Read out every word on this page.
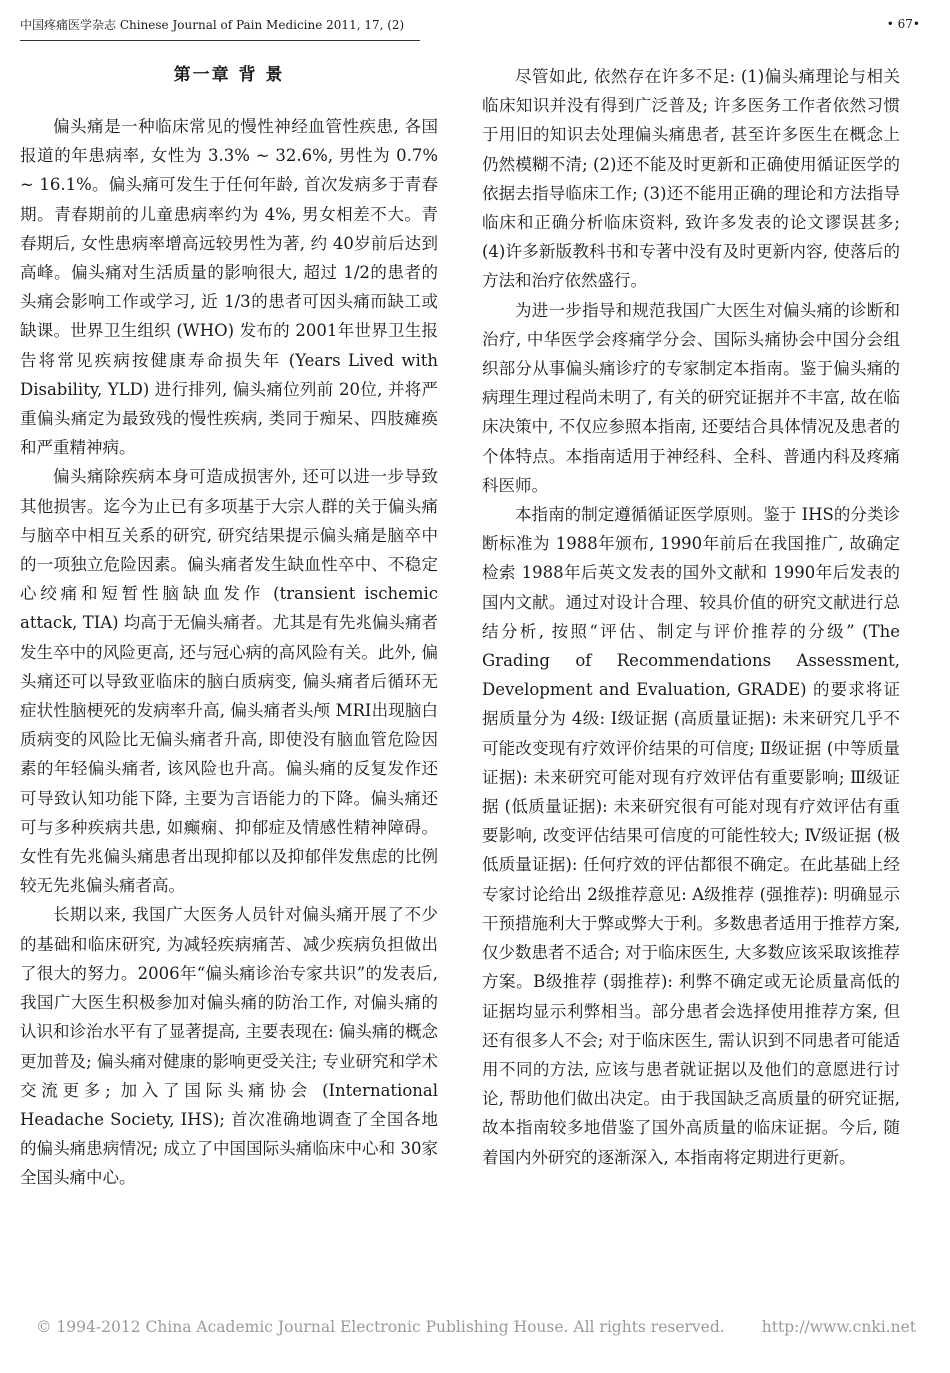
中国疼痛医学杂志 Chinese Journal of Pain Medicine 2011, 17, (2)	• 67•
第一章 背 景

偏头痛是一种临床常见的慢性神经血管性疾患, 各国报道的年患病率, 女性为 3.3% ~ 32.6%, 男性为 0.7% ~ 16.1%。偏头痛可发生于任何年龄, 首次发病多于青春期。青春期前的儿童患病率约为 4%, 男女相差不大。青春期后, 女性患病率增高远较男性为著, 约 40岁前后达到高峰。偏头痛对生活质量的影响很大, 超过 1/2的患者的头痛会影响工作或学习, 近 1/3的患者可因头痛而缺工或缺课。世界卫生组织 (WHO) 发布的 2001年世界卫生报告将常见疾病按健康寿命损失年 (Years Lived with Disability, YLD) 进行排列, 偏头痛位列前 20位, 并将严重偏头痛定为最致残的慢性疾病, 类同于痴呆、四肢瘫痪和严重精神病。

偏头痛除疾病本身可造成损害外, 还可以进一步导致其他损害。迄今为止已有多项基于大宗人群的关于偏头痛与脑卒中相互关系的研究, 研究结果提示偏头痛是脑卒中的一项独立危险因素。偏头痛者发生缺血性卒中、不稳定心绞痛和短暂性脑缺血发作 (transient ischemic attack, TIA) 均高于无偏头痛者。尤其是有先兆偏头痛者发生卒中的风险更高, 还与冠心病的高风险有关。此外, 偏头痛还可以导致亚临床的脑白质病变, 偏头痛者后循环无症状性脑梗死的发病率升高, 偏头痛者头颅 MRI出现脑白质病变的风险比无偏头痛者升高, 即使没有脑血管危险因素的年轻偏头痛者, 该风险也升高。偏头痛的反复发作还可导致认知功能下降, 主要为言语能力的下降。偏头痛还可与多种疾病共患, 如癫痫、抑郁症及情感性精神障碍。女性有先兆偏头痛患者出现抑郁以及抑郁伴发焦虑的比例较无先兆偏头痛者高。

长期以来, 我国广大医务人员针对偏头痛开展了不少的基础和临床研究, 为减轻疾病痛苦、减少疾病负担做出了很大的努力。2006年“偏头痛诊治专家共识”的发表后, 我国广大医生积极参加对偏头痛的防治工作, 对偏头痛的认识和诊治水平有了显著提高, 主要表现在: 偏头痛的概念更加普及; 偏头痛对健康的影响更受关注; 专业研究和学术交流更多; 加入了国际头痛协会 (International Headache Society, IHS); 首次准确地调查了全国各地的偏头痛患病情况; 成立了中国国际头痛临床中心和 30家全国头痛中心。

尽管如此, 依然存在许多不足: (1)偏头痛理论与相关临床知识并没有得到广泛普及; 许多医务工作者依然习惯于用旧的知识去处理偏头痛患者, 甚至许多医生在概念上仍然模糊不清; (2)还不能及时更新和正确使用循证医学的依据去指导临床工作; (3)还不能用正确的理论和方法指导临床和正确分析临床资料, 致许多发表的论文谬误甚多; (4)许多新版教科书和专著中没有及时更新内容, 使落后的方法和治疗依然盛行。

为进一步指导和规范我国广大医生对偏头痛的诊断和治疗, 中华医学会疼痛学分会、国际头痛协会中国分会组织部分从事偏头痛诊疗的专家制定本指南。鉴于偏头痛的病理生理过程尚未明了, 有关的研究证据并不丰富, 故在临床决策中, 不仅应参照本指南, 还要结合具体情况及患者的个体特点。本指南适用于神经科、全科、普通内科及疼痛科医师。

本指南的制定遵循循证医学原则。鉴于 IHS的分类诊断标准为 1988年颁布, 1990年前后在我国推广, 故确定检索 1988年后英文发表的国外文献和 1990年后发表的国内文献。通过对设计合理、较具价值的研究文献进行总结分析, 按照“评估、制定与评价推荐的分级” (The Grading of Recommendations Assessment, Development and Evaluation, GRADE) 的要求将证据质量分为 4级: Ⅰ级证据 (高质量证据): 未来研究几乎不可能改变现有疗效评价结果的可信度; Ⅱ级证据 (中等质量证据): 未来研究可能对现有疗效评估有重要影响; Ⅲ级证据 (低质量证据): 未来研究很有可能对现有疗效评估有重要影响, 改变评估结果可信度的可能性较大; Ⅳ级证据 (极低质量证据): 任何疗效的评估都很不确定。在此基础上经专家讨论给出 2级推荐意见: A级推荐 (强推荐): 明确显示干预措施利大于弊或弊大于利。多数患者适用于推荐方案, 仅少数患者不适合; 对于临床医生, 大多数应该采取该推荐方案。B级推荐 (弱推荐): 利弊不确定或无论质量高低的证据均显示利弊相当。部分患者会选择使用推荐方案, 但还有很多人不会; 对于临床医生, 需认识到不同患者可能适用不同的方法, 应该与患者就证据以及他们的意愿进行讨论, 帮助他们做出决定。由于我国缺乏高质量的研究证据, 故本指南较多地借鉴了国外高质量的临床证据。今后, 随着国内外研究的逐渐深入, 本指南将定期进行更新。

© 1994-2012 China Academic Journal Electronic Publishing House. All rights reserved. http://www.cnki.net
